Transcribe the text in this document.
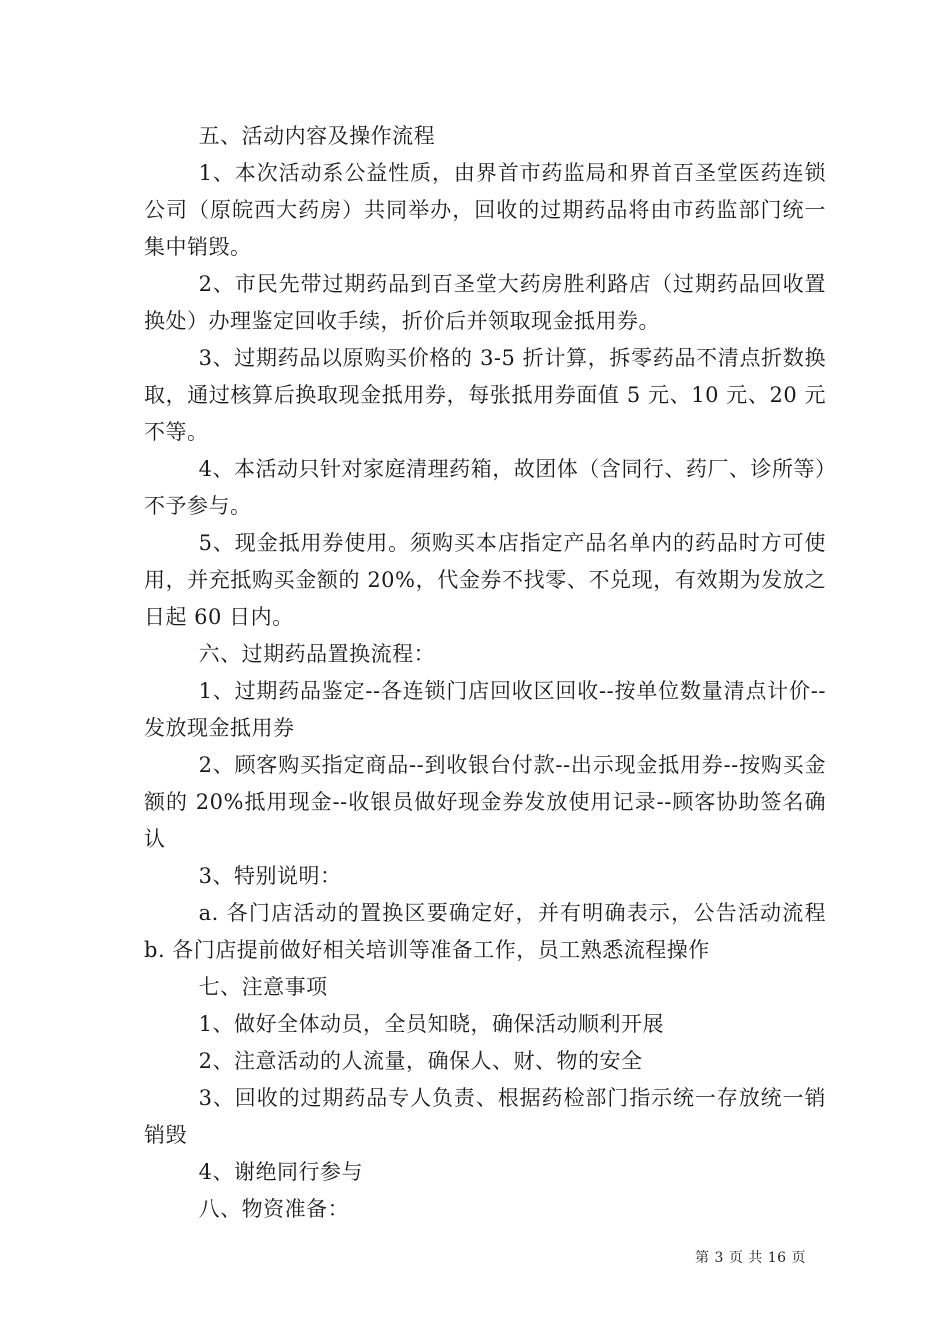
五、活动内容及操作流程

1、本次活动系公益性质，由界首市药监局和界首百圣堂医药连锁公司（原皖西大药房）共同举办，回收的过期药品将由市药监部门统一集中销毁。

2、市民先带过期药品到百圣堂大药房胜利路店（过期药品回收置换处）办理鉴定回收手续，折价后并领取现金抵用券。

3、过期药品以原购买价格的 3-5 折计算，拆零药品不清点折数换取，通过核算后换取现金抵用券，每张抵用券面值 5 元、10 元、20 元不等。

4、本活动只针对家庭清理药箱，故团体（含同行、药厂、诊所等）不予参与。

5、现金抵用券使用。须购买本店指定产品名单内的药品时方可使用，并充抵购买金额的 20%，代金券不找零、不兑现，有效期为发放之日起 60 日内。

六、过期药品置换流程：

1、过期药品鉴定--各连锁门店回收区回收--按单位数量清点计价--发放现金抵用券

2、顾客购买指定商品--到收银台付款--出示现金抵用券--按购买金额的 20%抵用现金--收银员做好现金券发放使用记录--顾客协助签名确认

3、特别说明：

a. 各门店活动的置换区要确定好，并有明确表示，公告活动流程 b. 各门店提前做好相关培训等准备工作，员工熟悉流程操作

七、注意事项

1、做好全体动员，全员知晓，确保活动顺利开展

2、注意活动的人流量，确保人、财、物的安全

3、回收的过期药品专人负责、根据药检部门指示统一存放统一销销毁

4、谢绝同行参与

八、物资准备：

第 3 页 共 16 页
